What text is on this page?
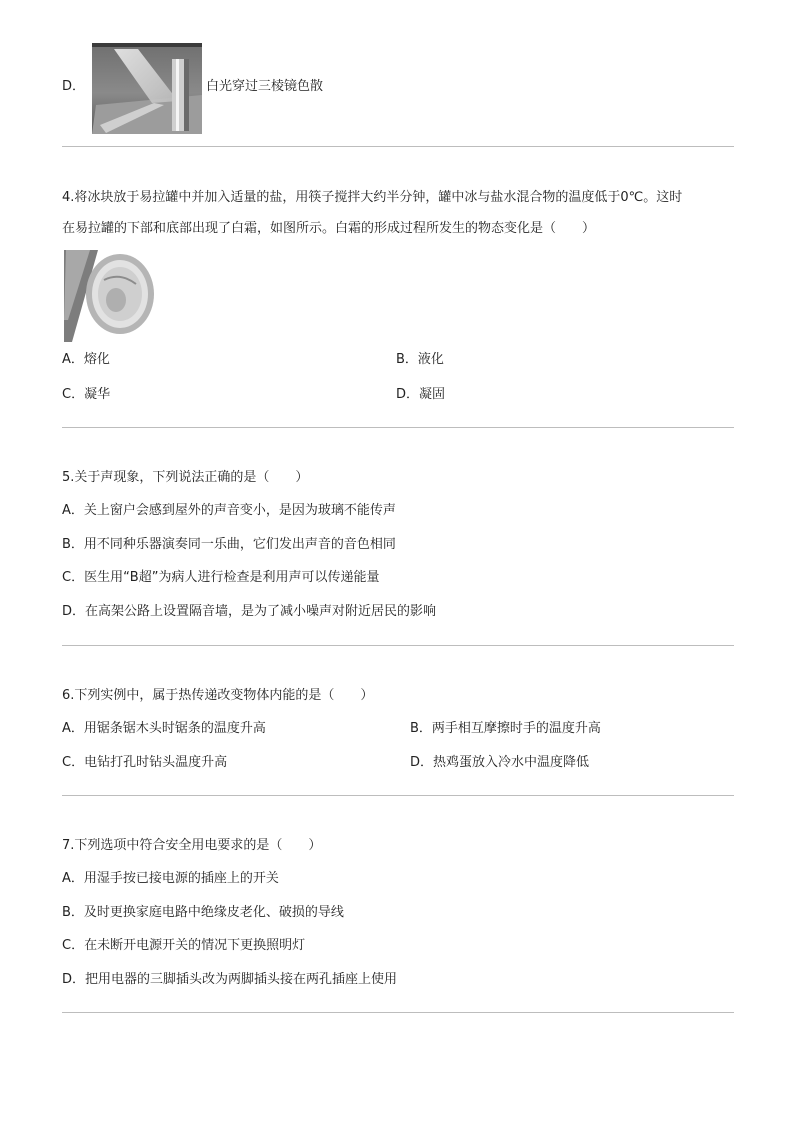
D．	白光穿过三棱镜色散
4.将冰块放于易拉罐中并加入适量的盐，用筷子搅拌大约半分钟，罐中冰与盐水混合物的温度低于0℃。这时
在易拉罐的下部和底部出现了白霜，如图所示。白霜的形成过程所发生的物态变化是（　　）
A．熔化	B．液化
C．凝华	D．凝固
5.关于声现象，下列说法正确的是（　　）
A．关上窗户会感到屋外的声音变小，是因为玻璃不能传声
B．用不同种乐器演奏同一乐曲，它们发出声音的音色相同
C．医生用“B超”为病人进行检查是利用声可以传递能量
D．在高架公路上设置隔音墙，是为了减小噪声对附近居民的影响
6.下列实例中，属于热传递改变物体内能的是（　　）
A．用锯条锯木头时锯条的温度升高	B．两手相互摩擦时手的温度升高
C．电钻打孔时钻头温度升高	D．热鸡蛋放入冷水中温度降低
7.下列选项中符合安全用电要求的是（　　）
A．用湿手按已接电源的插座上的开关
B．及时更换家庭电路中绝缘皮老化、破损的导线
C．在未断开电源开关的情况下更换照明灯
D．把用电器的三脚插头改为两脚插头接在两孔插座上使用
